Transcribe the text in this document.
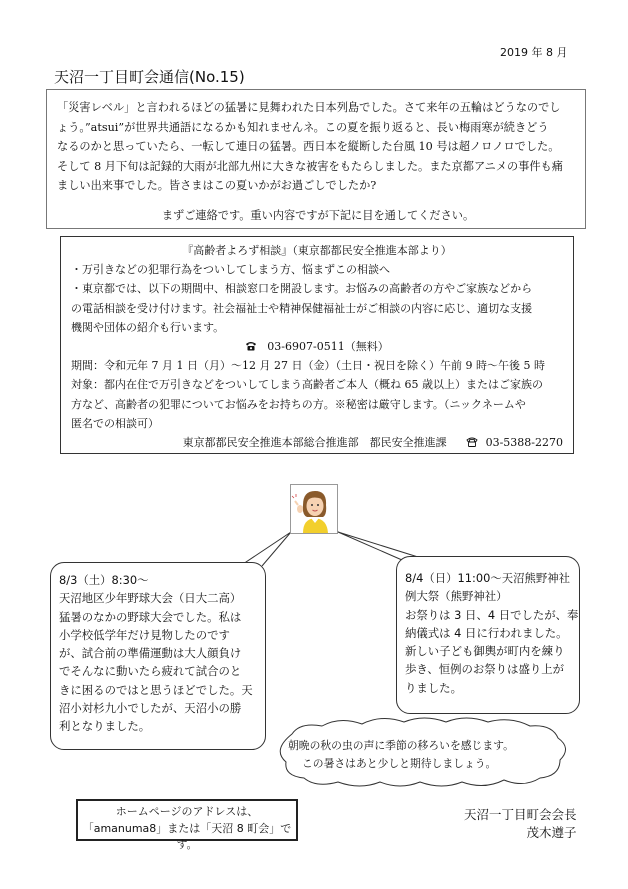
2019 年 8 月
天沼一丁目町会通信(No.15)

「災害レベル」と言われるほどの猛暑に見舞われた日本列島でした。さて来年の五輪はどうなのでし

ょう。”atsui”が世界共通語になるかも知れませんネ。この夏を振り返ると、長い梅雨寒が続きどう

なるのかと思っていたら、一転して連日の猛暑。西日本を縦断した台風 10 号は超ノロノロでした。

そして 8 月下旬は記録的大雨が北部九州に大きな被害をもたらしました。また京都アニメの事件も痛

ましい出来事でした。皆さまはこの夏いかがお過ごしでしたか?

まずご連絡です。重い内容ですが下記に目を通してください。

『高齢者よろず相談』（東京都都民安全推進本部より）
・万引きなどの犯罪行為をついしてしまう方、悩まずこの相談へ
・東京都では、以下の期間中、相談窓口を開設します。お悩みの高齢者の方やご家族などから
の電話相談を受け付けます。社会福祉士や精神保健福祉士がご相談の内容に応じ、適切な支援
機関や団体の紹介も行います。
03-6907-0511（無料）
期間：令和元年 7 月 1 日（月）～12 月 27 日（金）（土日・祝日を除く）午前 9 時～午後 5 時
対象：都内在住で万引きなどをついしてしまう高齢者ご本人（概ね 65 歳以上）またはご家族の
方など、高齢者の犯罪についてお悩みをお持ちの方。※秘密は厳守します。（ニックネームや
匿名での相談可）
東京都都民安全推進本部総合推進部　都民安全推進課	03-5388-2270
8/3（土）8:30～
天沼地区少年野球大会（日大二高）
猛暑のなかの野球大会でした。私は
小学校低学年だけ見物したのです
が、試合前の準備運動は大人顔負け
でそんなに動いたら疲れて試合のと
きに困るのではと思うほどでした。天
沼小対杉九小でしたが、天沼小の勝
利となりました。
8/4（日）11:00～天沼熊野神社
例大祭（熊野神社）
お祭りは 3 日、4 日でしたが、奉
納儀式は 4 日に行われました。
新しい子ども御輿が町内を練り
歩き、恒例のお祭りは盛り上が
りました。
朝晩の秋の虫の声に季節の移ろいを感じます。
この暑さはあと少しと期待しましょう。
ホームページのアドレスは、
「amanuma8」または「天沼 8 町会」です。
天沼一丁目町会会長
茂木遵子
